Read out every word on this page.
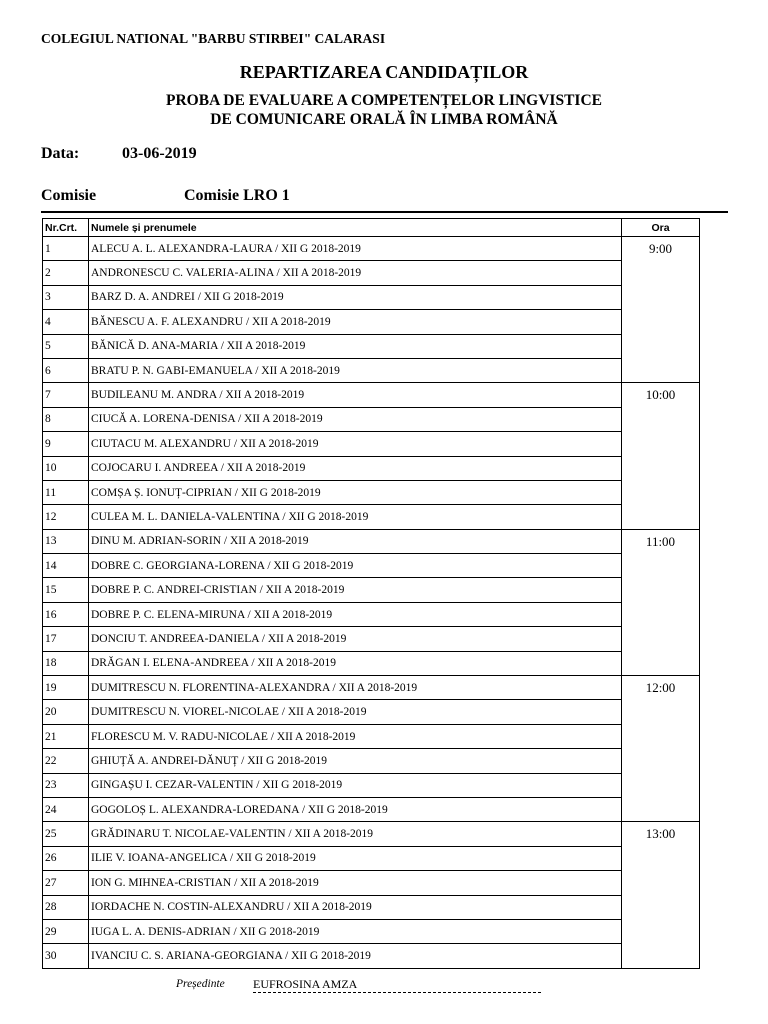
COLEGIUL NATIONAL "BARBU STIRBEI" CALARASI
REPARTIZAREA CANDIDAȚILOR
PROBA DE EVALUARE A COMPETENȚELOR LINGVISTICE
DE COMUNICARE ORALĂ ÎN LIMBA ROMÂNĂ
Data:	03-06-2019
Comisie	Comisie LRO 1
Nr.Crt.	Numele și prenumele	Ora
1	ALECU A. L. ALEXANDRA-LAURA / XII G 2018-2019	9:00
2	ANDRONESCU C. VALERIA-ALINA / XII A 2018-2019	
3	BARZ D. A. ANDREI / XII G 2018-2019	
4	BĂNESCU A. F. ALEXANDRU / XII A 2018-2019	
5	BĂNICĂ D. ANA-MARIA / XII A 2018-2019	
6	BRATU P. N. GABI-EMANUELA / XII A 2018-2019	
7	BUDILEANU M. ANDRA / XII A 2018-2019	10:00
8	CIUCĂ A. LORENA-DENISA / XII A 2018-2019	
9	CIUTACU M. ALEXANDRU / XII A 2018-2019	
10	COJOCARU I. ANDREEA / XII A 2018-2019	
11	COMȘA Ș. IONUȚ-CIPRIAN / XII G 2018-2019	
12	CULEA M. L. DANIELA-VALENTINA / XII G 2018-2019	
13	DINU M. ADRIAN-SORIN / XII A 2018-2019	11:00
14	DOBRE C. GEORGIANA-LORENA / XII G 2018-2019	
15	DOBRE P. C. ANDREI-CRISTIAN / XII A 2018-2019	
16	DOBRE P. C. ELENA-MIRUNA / XII A 2018-2019	
17	DONCIU T. ANDREEA-DANIELA / XII A 2018-2019	
18	DRĂGAN I. ELENA-ANDREEA / XII A 2018-2019	
19	DUMITRESCU N. FLORENTINA-ALEXANDRA / XII A 2018-2019	12:00
20	DUMITRESCU N. VIOREL-NICOLAE / XII A 2018-2019	
21	FLORESCU M. V. RADU-NICOLAE / XII A 2018-2019	
22	GHIUȚĂ A. ANDREI-DĂNUȚ / XII G 2018-2019	
23	GINGAȘU I. CEZAR-VALENTIN / XII G 2018-2019	
24	GOGOLOȘ L. ALEXANDRA-LOREDANA / XII G 2018-2019	
25	GRĂDINARU T. NICOLAE-VALENTIN / XII A 2018-2019	13:00
26	ILIE V. IOANA-ANGELICA / XII G 2018-2019	
27	ION G. MIHNEA-CRISTIAN / XII A 2018-2019	
28	IORDACHE N. COSTIN-ALEXANDRU / XII A 2018-2019	
29	IUGA L. A. DENIS-ADRIAN / XII G 2018-2019	
30	IVANCIU C. S. ARIANA-GEORGIANA / XII G 2018-2019	
Președinte EUFROSINA AMZA
